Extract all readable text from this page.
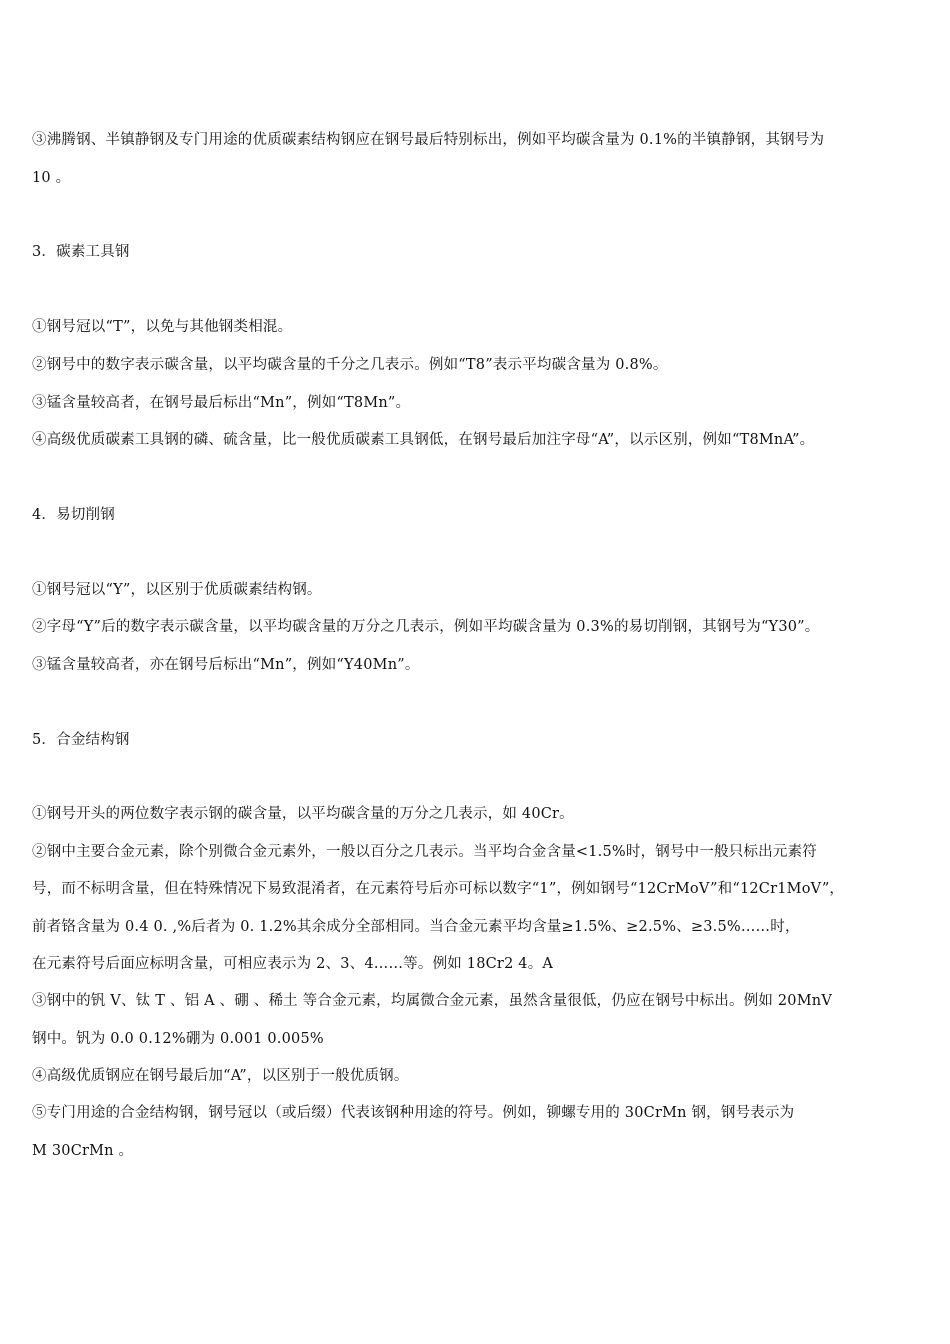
③沸腾钢、半镇静钢及专门用途的优质碳素结构钢应在钢号最后特别标出，例如平均碳含量为 0.1%的半镇静钢，其钢号为
10 。
3．碳素工具钢
①钢号冠以“T”，以免与其他钢类相混。
②钢号中的数字表示碳含量，以平均碳含量的千分之几表示。例如“T8”表示平均碳含量为 0.8%。
③锰含量较高者，在钢号最后标出“Mn”，例如“T8Mn”。
④高级优质碳素工具钢的磷、硫含量，比一般优质碳素工具钢低，在钢号最后加注字母“A”，以示区别，例如“T8MnA”。
4．易切削钢
①钢号冠以“Y”，以区别于优质碳素结构钢。
②字母“Y”后的数字表示碳含量，以平均碳含量的万分之几表示，例如平均碳含量为 0.3%的易切削钢，其钢号为“Y30”。
③锰含量较高者，亦在钢号后标出“Mn”，例如“Y40Mn”。
5．合金结构钢
①钢号开头的两位数字表示钢的碳含量，以平均碳含量的万分之几表示，如 40Cr。
②钢中主要合金元素，除个别微合金元素外，一般以百分之几表示。当平均合金含量<1.5%时，钢号中一般只标出元素符
号，而不标明含量，但在特殊情况下易致混淆者，在元素符号后亦可标以数字“1”，例如钢号“12CrMoV”和“12Cr1MoV”，
前者铬含量为 0.4 0. ,%后者为 0. 1.2%其余成分全部相同。当合金元素平均含量≥1.5%、≥2.5%、≥3.5%……时，
在元素符号后面应标明含量，可相应表示为 2、3、4……等。例如 18Cr2 4。A
③钢中的钒 V、钛 T 、铝 A 、硼 、稀土 等合金元素，均属微合金元素，虽然含量很低，仍应在钢号中标出。例如 20MnV
钢中。钒为 0.0 0.12%硼为 0.001 0.005%
④高级优质钢应在钢号最后加“A”，以区别于一般优质钢。
⑤专门用途的合金结构钢，钢号冠以（或后缀）代表该钢种用途的符号。例如，铆螺专用的 30CrMn 钢，钢号表示为
M 30CrMn 。
